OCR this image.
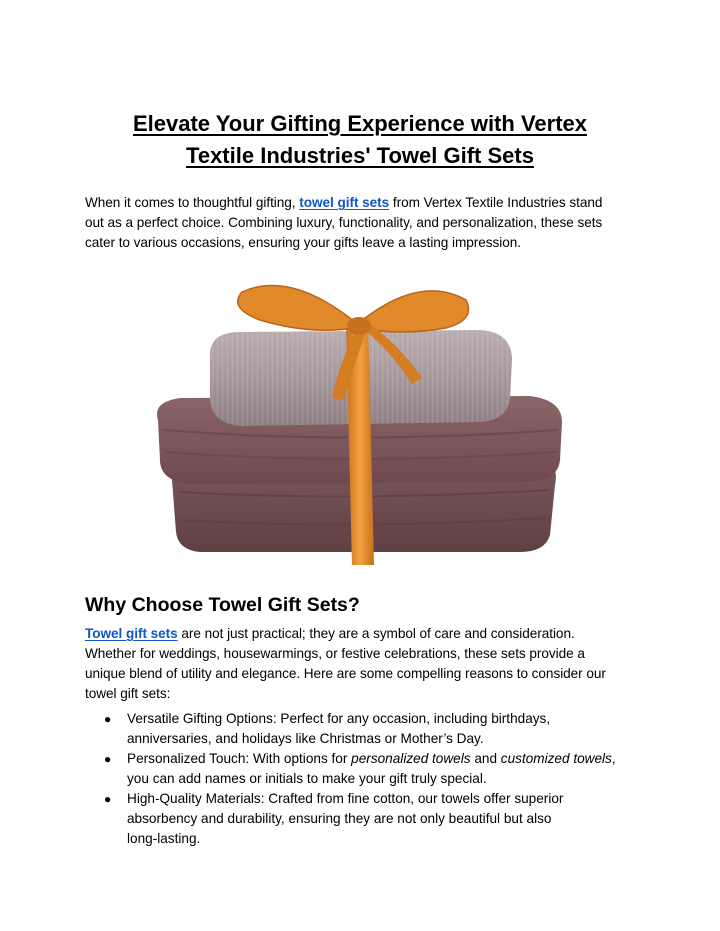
Elevate Your Gifting Experience with Vertex
Textile Industries' Towel Gift Sets

When it comes to thoughtful gifting, towel gift sets from Vertex Textile Industries stand
out as a perfect choice. Combining luxury, functionality, and personalization, these sets
cater to various occasions, ensuring your gifts leave a lasting impression.

Why Choose Towel Gift Sets?

Towel gift sets are not just practical; they are a symbol of care and consideration.
Whether for weddings, housewarmings, or festive celebrations, these sets provide a
unique blend of utility and elegance. Here are some compelling reasons to consider our
towel gift sets:

● Versatile Gifting Options: Perfect for any occasion, including birthdays,
anniversaries, and holidays like Christmas or Mother’s Day.
● Personalized Touch: With options for personalized towels and customized towels,
you can add names or initials to make your gift truly special.
● High-Quality Materials: Crafted from fine cotton, our towels offer superior
absorbency and durability, ensuring they are not only beautiful but also
long-lasting.
